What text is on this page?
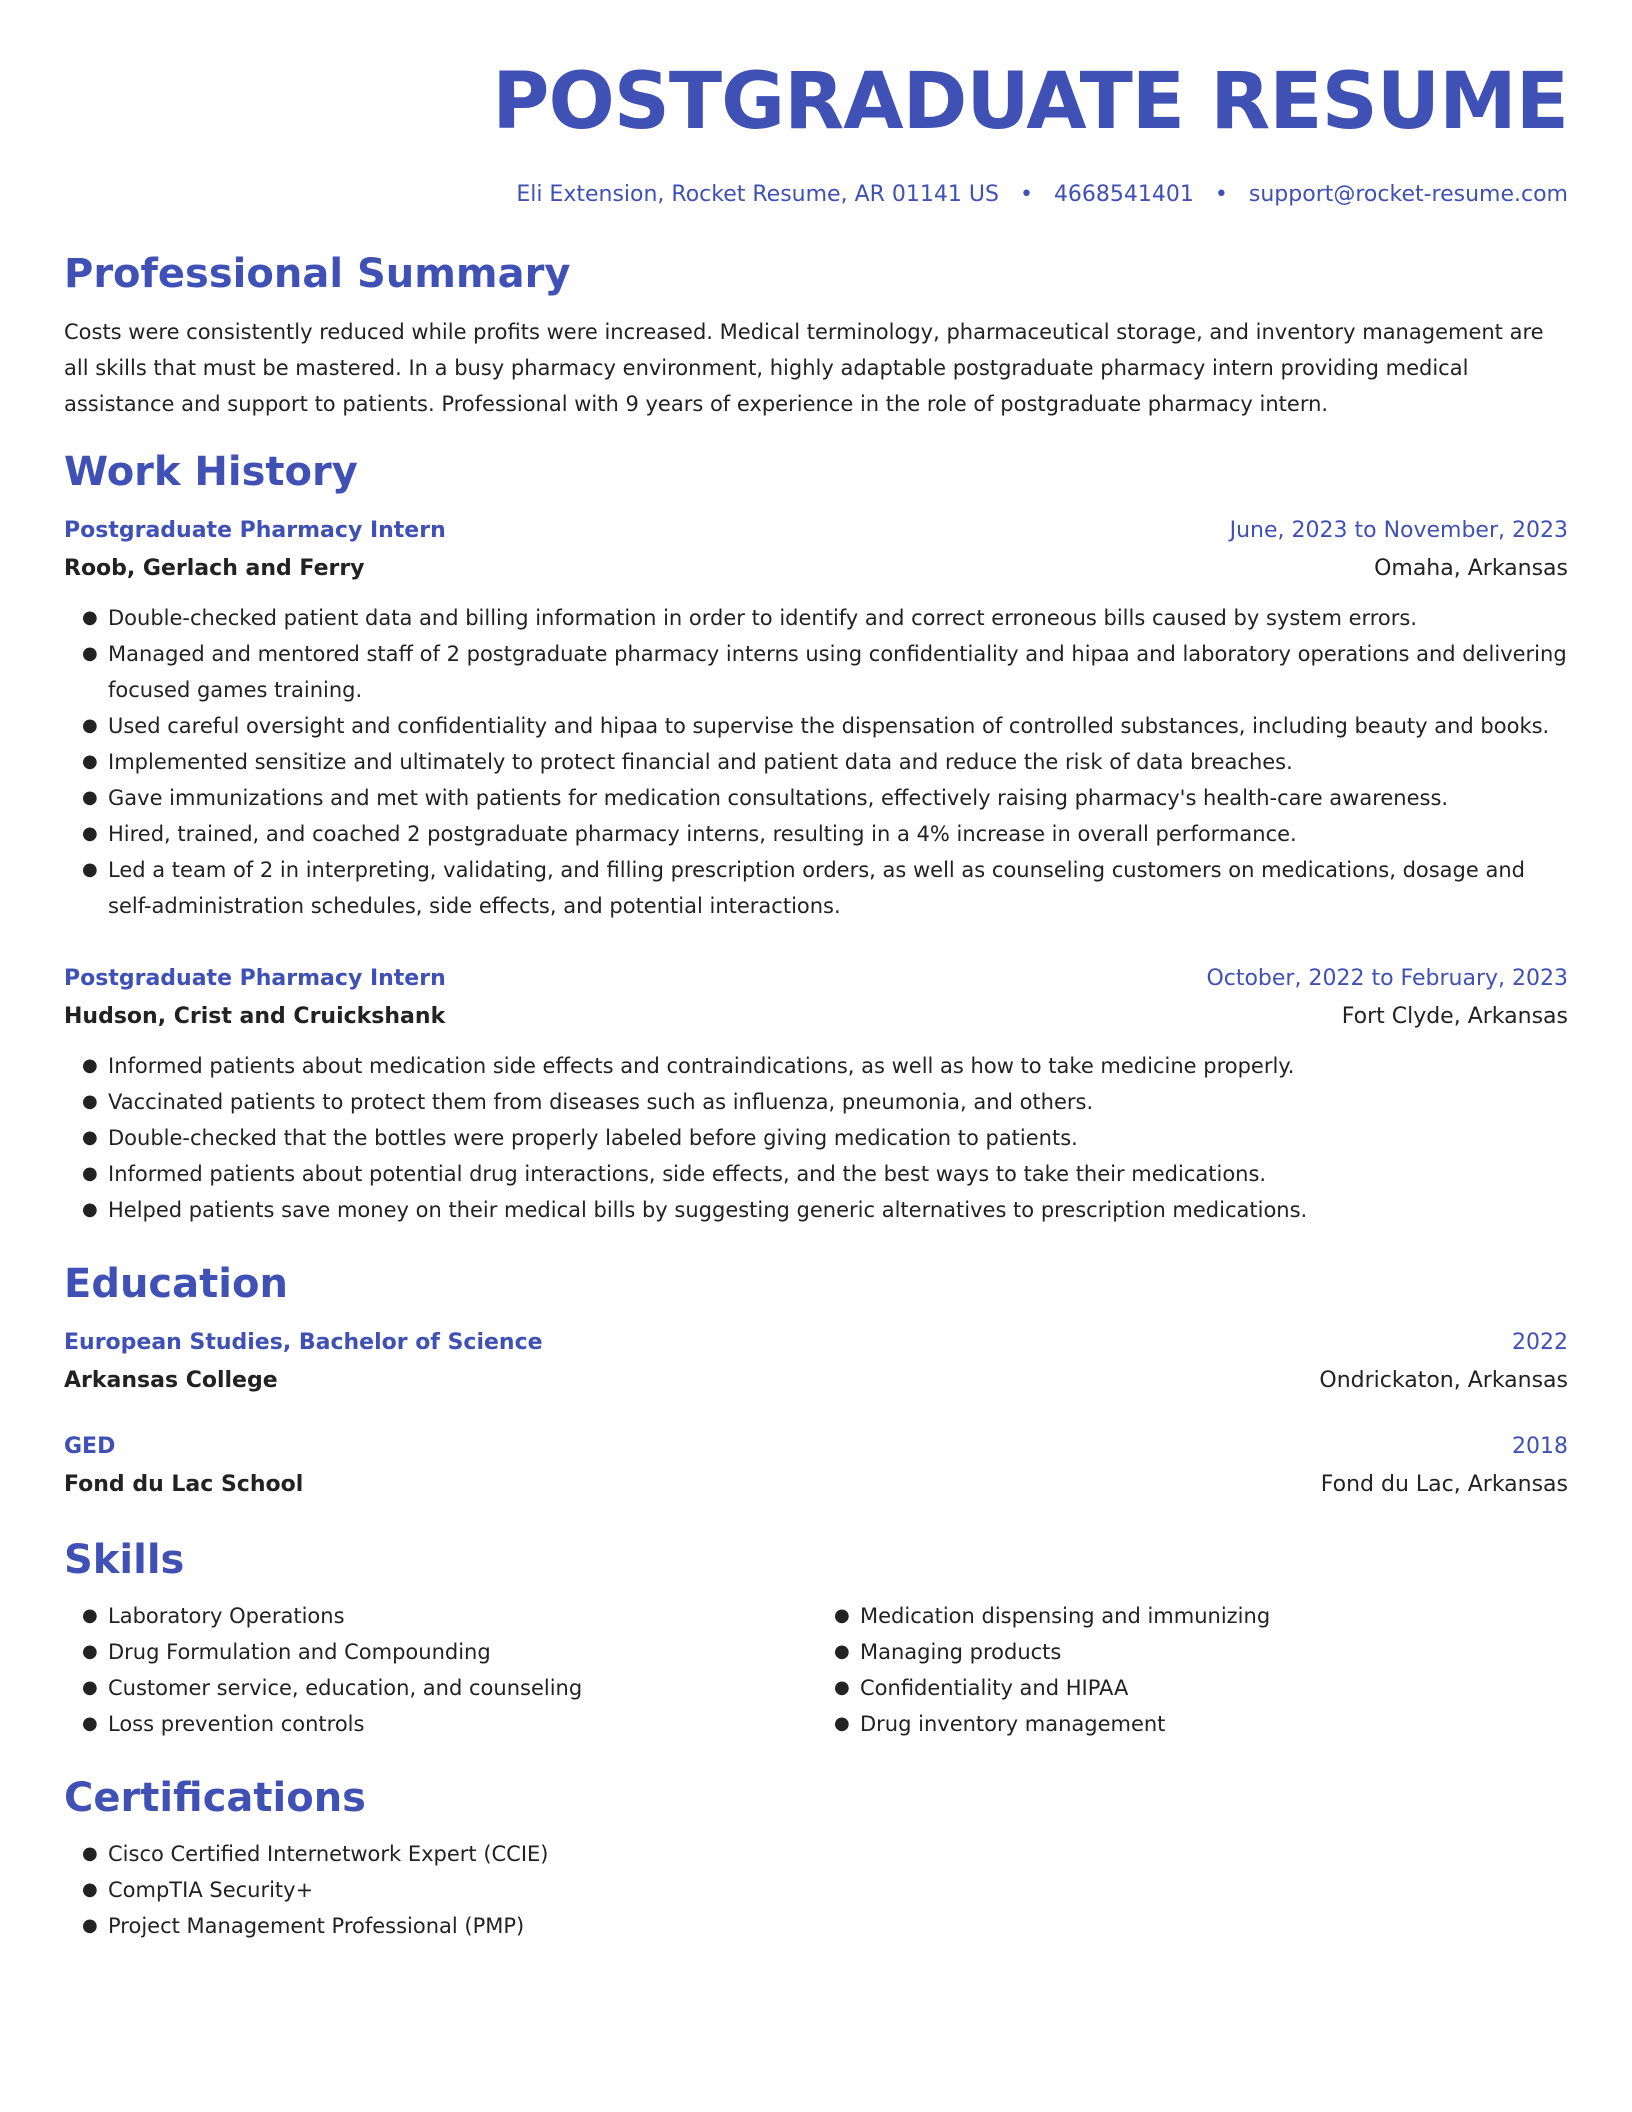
POSTGRADUATE RESUME
Eli Extension, Rocket Resume, AR 01141 US • 4668541401 • support@rocket-resume.com
Professional Summary

Costs were consistently reduced while profits were increased. Medical terminology, pharmaceutical storage, and inventory management are all skills that must be mastered. In a busy pharmacy environment, highly adaptable postgraduate pharmacy intern providing medical assistance and support to patients. Professional with 9 years of experience in the role of postgraduate pharmacy intern.

Work History
Postgraduate Pharmacy Intern	June, 2023 to November, 2023
Roob, Gerlach and Ferry	Omaha, Arkansas
● Double-checked patient data and billing information in order to identify and correct erroneous bills caused by system errors.
● Managed and mentored staff of 2 postgraduate pharmacy interns using confidentiality and hipaa and laboratory operations and delivering focused games training.
● Used careful oversight and confidentiality and hipaa to supervise the dispensation of controlled substances, including beauty and books.
● Implemented sensitize and ultimately to protect financial and patient data and reduce the risk of data breaches.
● Gave immunizations and met with patients for medication consultations, effectively raising pharmacy's health-care awareness.
● Hired, trained, and coached 2 postgraduate pharmacy interns, resulting in a 4% increase in overall performance.
● Led a team of 2 in interpreting, validating, and filling prescription orders, as well as counseling customers on medications, dosage and self-administration schedules, side effects, and potential interactions.
Postgraduate Pharmacy Intern	October, 2022 to February, 2023
Hudson, Crist and Cruickshank	Fort Clyde, Arkansas
● Informed patients about medication side effects and contraindications, as well as how to take medicine properly.
● Vaccinated patients to protect them from diseases such as influenza, pneumonia, and others.
● Double-checked that the bottles were properly labeled before giving medication to patients.
● Informed patients about potential drug interactions, side effects, and the best ways to take their medications.
● Helped patients save money on their medical bills by suggesting generic alternatives to prescription medications.
Education
European Studies, Bachelor of Science	2022
Arkansas College	Ondrickaton, Arkansas
GED	2018
Fond du Lac School	Fond du Lac, Arkansas
Skills
● Laboratory Operations
● Drug Formulation and Compounding
● Customer service, education, and counseling
● Loss prevention controls
● Medication dispensing and immunizing
● Managing products
● Confidentiality and HIPAA
● Drug inventory management
Certifications
● Cisco Certified Internetwork Expert (CCIE)
● CompTIA Security+
● Project Management Professional (PMP)
